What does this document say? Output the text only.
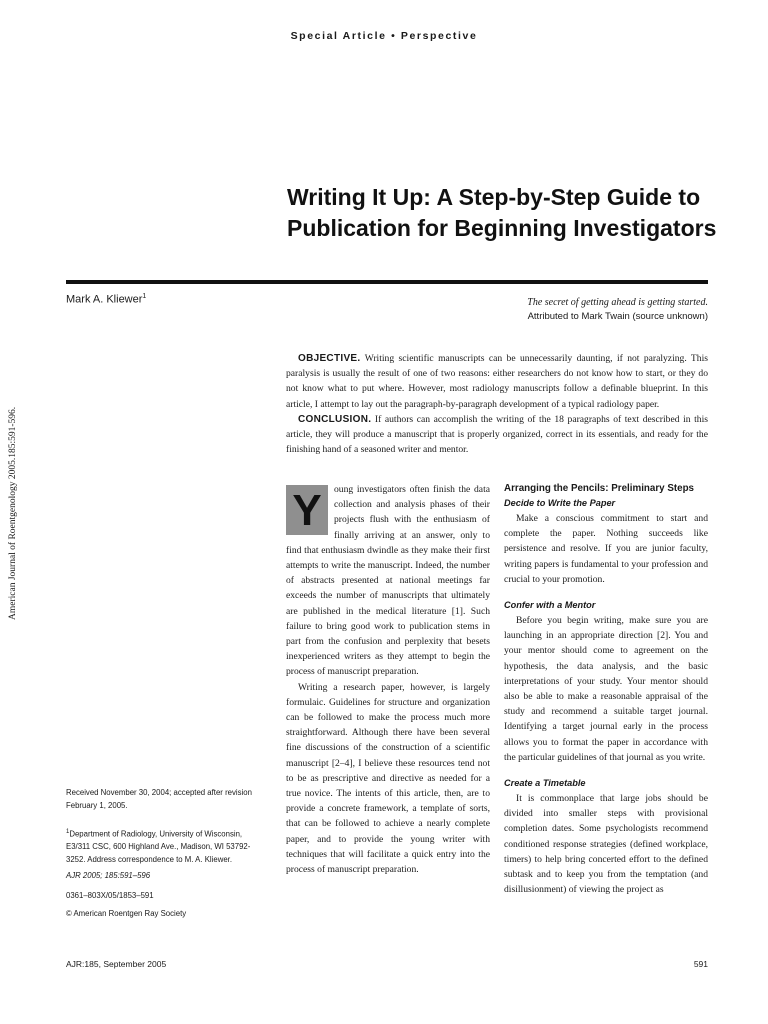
Special Article • Perspective
American Journal of Roentgenology 2005.185:591-596.
Writing It Up: A Step-by-Step Guide to Publication for Beginning Investigators
Mark A. Kliewer$^1$
The secret of getting ahead is getting started.
Attributed to Mark Twain (source unknown)

OBJECTIVE. Writing scientific manuscripts can be unnecessarily daunting, if not paralyzing. This paralysis is usually the result of one of two reasons: either researchers do not know how to start, or they do not know what to put where. However, most radiology manuscripts follow a definable blueprint. In this article, I attempt to lay out the paragraph-by-paragraph development of a typical radiology paper.

CONCLUSION. If authors can accomplish the writing of the 18 paragraphs of text described in this article, they will produce a manuscript that is properly organized, correct in its essentials, and ready for the finishing hand of a seasoned writer and mentor.

Y	oung investigators often finish the data collection and analysis phases of their projects flush with the enthusiasm of finally arriving at an answer, only to find that enthusiasm dwindle as they make their first attempts to write the manuscript. Indeed, the number of abstracts presented at national meetings far exceeds the number of manuscripts that ultimately are published in the medical literature [1]. Such failure to bring good work to publication stems in part from the confusion and perplexity that besets inexperienced writers as they attempt to begin the process of manuscript preparation.

Writing a research paper, however, is largely formulaic. Guidelines for structure and organization can be followed to make the process much more straightforward. Although there have been several fine discussions of the construction of a scientific manuscript [2–4], I believe these resources tend not to be as prescriptive and directive as needed for a true novice. The intents of this article, then, are to provide a concrete framework, a template of sorts, that can be followed to achieve a nearly complete paper, and to provide the young writer with techniques that will facilitate a quick entry into the process of manuscript preparation.

Arranging the Pencils: Preliminary Steps
Decide to Write the Paper

Make a conscious commitment to start and complete the paper. Nothing succeeds like persistence and resolve. If you are junior faculty, writing papers is fundamental to your profession and crucial to your promotion.

Confer with a Mentor

Before you begin writing, make sure you are launching in an appropriate direction [2]. You and your mentor should come to agreement on the hypothesis, the data analysis, and the basic interpretations of your study. Your mentor should also be able to make a reasonable appraisal of the study and recommend a suitable target journal. Identifying a target journal early in the process allows you to format the paper in accordance with the particular guidelines of that journal as you write.

Create a Timetable

It is commonplace that large jobs should be divided into smaller steps with provisional completion dates. Some psychologists recommend conditioned response strategies (defined workplace, timers) to help bring concerted effort to the defined subtask and to keep you from the temptation (and disillusionment) of viewing the project as

Received November 30, 2004; accepted after revision February 1, 2005.

$^1$Department of Radiology, University of Wisconsin, E3/311 CSC, 600 Highland Ave., Madison, WI 53792-3252. Address correspondence to M. A. Kliewer.

AJR 2005; 185:591–596
0361–803X/05/1853–591
© American Roentgen Ray Society
AJR:185, September 2005	591
